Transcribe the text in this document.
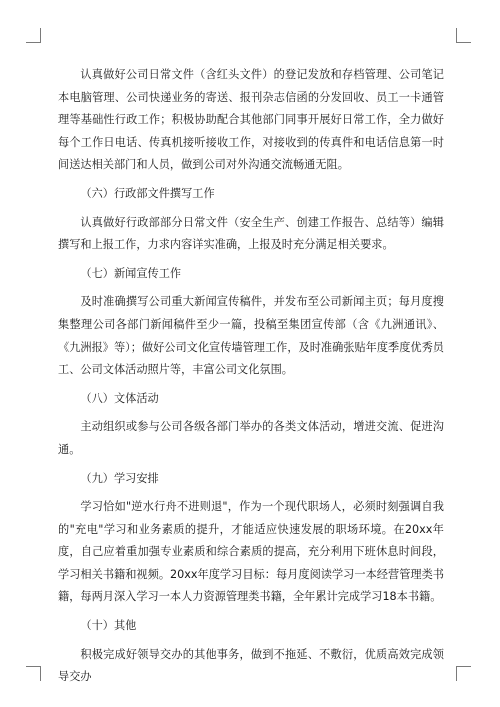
认真做好公司日常文件（含红头文件）的登记发放和存档管理、公司笔记本电脑管理、公司快递业务的寄送、报刊杂志信函的分发回收、员工一卡通管理等基础性行政工作；积极协助配合其他部门同事开展好日常工作，全力做好每个工作日电话、传真机接听接收工作，对接收到的传真件和电话信息第一时间送达相关部门和人员，做到公司对外沟通交流畅通无阻。

（六）行政部文件撰写工作

认真做好行政部部分日常文件（安全生产、创建工作报告、总结等）编辑撰写和上报工作，力求内容详实准确，上报及时充分满足相关要求。

（七）新闻宣传工作

及时准确撰写公司重大新闻宣传稿件，并发布至公司新闻主页；每月度搜集整理公司各部门新闻稿件至少一篇，投稿至集团宣传部（含《九洲通讯》、《九洲报》等）；做好公司文化宣传墙管理工作，及时准确张贴年度季度优秀员工、公司文体活动照片等，丰富公司文化氛围。

（八）文体活动

主动组织或参与公司各级各部门举办的各类文体活动，增进交流、促进沟通。

（九）学习安排

学习恰如"逆水行舟不进则退"，作为一个现代职场人，必须时刻强调自我的"充电"学习和业务素质的提升，才能适应快速发展的职场环境。在20xx年度，自己应着重加强专业素质和综合素质的提高，充分利用下班休息时间段，学习相关书籍和视频。20xx年度学习目标：每月度阅读学习一本经营管理类书籍，每两月深入学习一本人力资源管理类书籍，全年累计完成学习18本书籍。

（十）其他

积极完成好领导交办的其他事务，做到不拖延、不敷衍，优质高效完成领导交办
